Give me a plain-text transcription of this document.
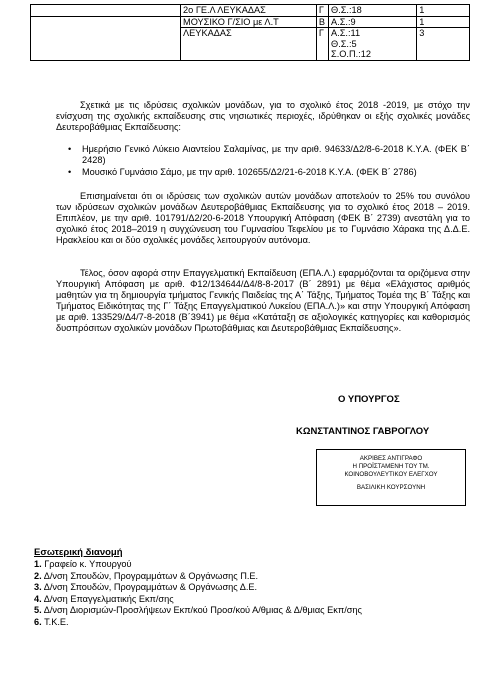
	2ο ΓΕ.Λ ΛΕΥΚΑΔΑΣ	Γ	Θ.Σ.:18	1
	ΜΟΥΣΙΚΟ Γ/ΣΙΟ με Λ.Τ	Β	Α.Σ.:9	1
	ΛΕΥΚΑΔΑΣ	Γ	Α.Σ.:11
Θ.Σ.:5
Σ.Ο.Π.:12	3
Σχετικά με τις ιδρύσεις σχολικών μονάδων, για το σχολικό έτος 2018 -2019, με στόχο την ενίσχυση της σχολικής εκπαίδευσης στις νησιωτικές περιοχές, ιδρύθηκαν οι εξής σχολικές μονάδες Δευτεροβάθμιας Εκπαίδευσης:
• Ημερήσιο Γενικό Λύκειο Αιαντείου Σαλαμίνας, με την αριθ. 94633/Δ2/8-6-2018 Κ.Υ.Α. (ΦΕΚ Β΄ 2428)
• Μουσικό Γυμνάσιο Σάμο, με την αριθ. 102655/Δ2/21-6-2018 Κ.Υ.Α. (ΦΕΚ Β΄ 2786)
Επισημαίνεται ότι οι ιδρύσεις των σχολικών αυτών μονάδων αποτελούν το 25% του συνόλου των ιδρύσεων σχολικών μονάδων Δευτεροβάθμιας Εκπαίδευσης για το σχολικό έτος 2018 – 2019. Επιπλέον, με την αριθ. 101791/Δ2/20-6-2018 Υπουργική Απόφαση (ΦΕΚ Β΄ 2739) ανεστάλη για το σχολικό έτος 2018–2019 η συγχώνευση του Γυμνασίου Τεφελίου με το Γυμνάσιο Χάρακα της Δ.Δ.Ε. Ηρακλείου και οι δύο σχολικές μονάδες λειτουργούν αυτόνομα.
Τέλος, όσον αφορά στην Επαγγελματική Εκπαίδευση (ΕΠΑ.Λ.) εφαρμόζονται τα οριζόμενα στην Υπουργική Απόφαση με αριθ. Φ12/134644/Δ4/8-8-2017 (Β΄ 2891) με θέμα «Ελάχιστος αριθμός μαθητών για τη δημιουργία τμήματος Γενικής Παιδείας της Α΄ Τάξης, Τμήματος Τομέα της Β΄ Τάξης και Τμήματος Ειδικότητας της Γ΄ Τάξης Επαγγελματικού Λυκείου (ΕΠΑ.Λ.)» και στην Υπουργική Απόφαση με αριθ. 133529/Δ4/7-8-2018 (Β΄3941) με θέμα «Κατάταξη σε αξιολογικές κατηγορίες και καθορισμός δυσπρόσιτων σχολικών μονάδων Πρωτοβάθμιας και Δευτεροβάθμιας Εκπαίδευσης».
Ο ΥΠΟΥΡΓΟΣ
ΚΩΝΣΤΑΝΤΙΝΟΣ ΓΑΒΡΟΓΛΟΥ
ΑΚΡΙΒΕΣ ΑΝΤΙΓΡΑΦΟ
Η ΠΡΟΪΣΤΑΜΕΝΗ ΤΟΥ ΤΜ.
ΚΟΙΝΟΒΟΥΛΕΥΤΙΚΟΥ ΕΛΕΓΧΟΥ
ΒΑΣΙΛΙΚΗ ΚΟΥΡΣΟΥΝΗ
Εσωτερική διανομή
1. Γραφείο κ. Υπουργού
2. Δ/νση Σπουδών, Προγραμμάτων & Οργάνωσης Π.Ε.
3. Δ/νση Σπουδών, Προγραμμάτων & Οργάνωσης Δ.Ε.
4. Δ/νση Επαγγελματικής Εκπ/σης
5. Δ/νση Διορισμών-Προσλήψεων Εκπ/κού Προσ/κού Α/θμιας & Δ/θμιας Εκπ/σης
6. Τ.Κ.Ε.
